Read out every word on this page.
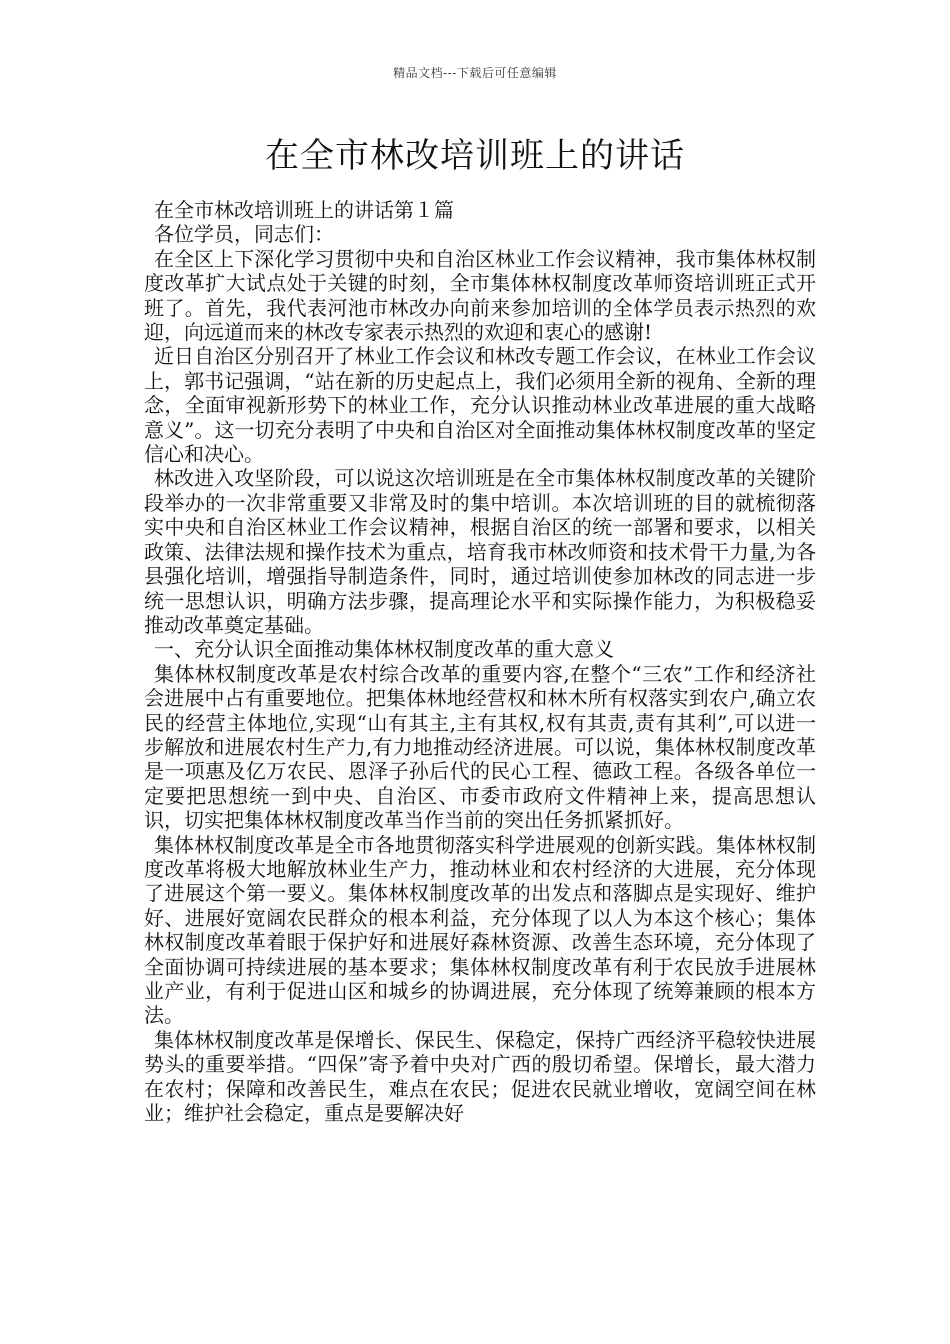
精品文档---下载后可任意编辑
在全市林改培训班上的讲话

在全市林改培训班上的讲话第１篇

各位学员，同志们：

在全区上下深化学习贯彻中央和自治区林业工作会议精神，我市集体林权制度改革扩大试点处于关键的时刻，全市集体林权制度改革师资培训班正式开班了。首先，我代表河池市林改办向前来参加培训的全体学员表示热烈的欢迎，向远道而来的林改专家表示热烈的欢迎和衷心的感谢!

近日自治区分别召开了林业工作会议和林改专题工作会议，在林业工作会议上，郭书记强调，“站在新的历史起点上，我们必须用全新的视角、全新的理念，全面审视新形势下的林业工作，充分认识推动林业改革进展的重大战略意义”。这一切充分表明了中央和自治区对全面推动集体林权制度改革的坚定信心和决心。

林改进入攻坚阶段，可以说这次培训班是在全市集体林权制度改革的关键阶段举办的一次非常重要又非常及时的集中培训。本次培训班的目的就梳彻落实中央和自治区林业工作会议精神，根据自治区的统一部署和要求，以相关政策、法律法规和操作技术为重点，培育我市林改师资和技术骨干力量,为各县强化培训，增强指导制造条件，同时，通过培训使参加林改的同志进一步统一思想认识，明确方法步骤，提高理论水平和实际操作能力，为积极稳妥推动改革奠定基础。

一、充分认识全面推动集体林权制度改革的重大意义

集体林权制度改革是农村综合改革的重要内容,在整个“三农”工作和经济社会进展中占有重要地位。把集体林地经营权和林木所有权落实到农户,确立农民的经营主体地位,实现“山有其主,主有其权,权有其责,责有其利”,可以进一步解放和进展农村生产力,有力地推动经济进展。可以说，集体林权制度改革是一项惠及亿万农民、恩泽子孙后代的民心工程、德政工程。各级各单位一定要把思想统一到中央、自治区、市委市政府文件精神上来，提高思想认识，切实把集体林权制度改革当作当前的突出任务抓紧抓好。

集体林权制度改革是全市各地贯彻落实科学进展观的创新实践。集体林权制度改革将极大地解放林业生产力，推动林业和农村经济的大进展，充分体现了进展这个第一要义。集体林权制度改革的出发点和落脚点是实现好、维护好、进展好宽阔农民群众的根本利益，充分体现了以人为本这个核心；集体林权制度改革着眼于保护好和进展好森林资源、改善生态环境，充分体现了全面协调可持续进展的基本要求；集体林权制度改革有利于农民放手进展林业产业，有利于促进山区和城乡的协调进展，充分体现了统筹兼顾的根本方法。

集体林权制度改革是保增长、保民生、保稳定，保持广西经济平稳较快进展势头的重要举措。“四保”寄予着中央对广西的殷切希望。保增长，最大潜力在农村；保障和改善民生，难点在农民；促进农民就业增收，宽阔空间在林业；维护社会稳定，重点是要解决好
